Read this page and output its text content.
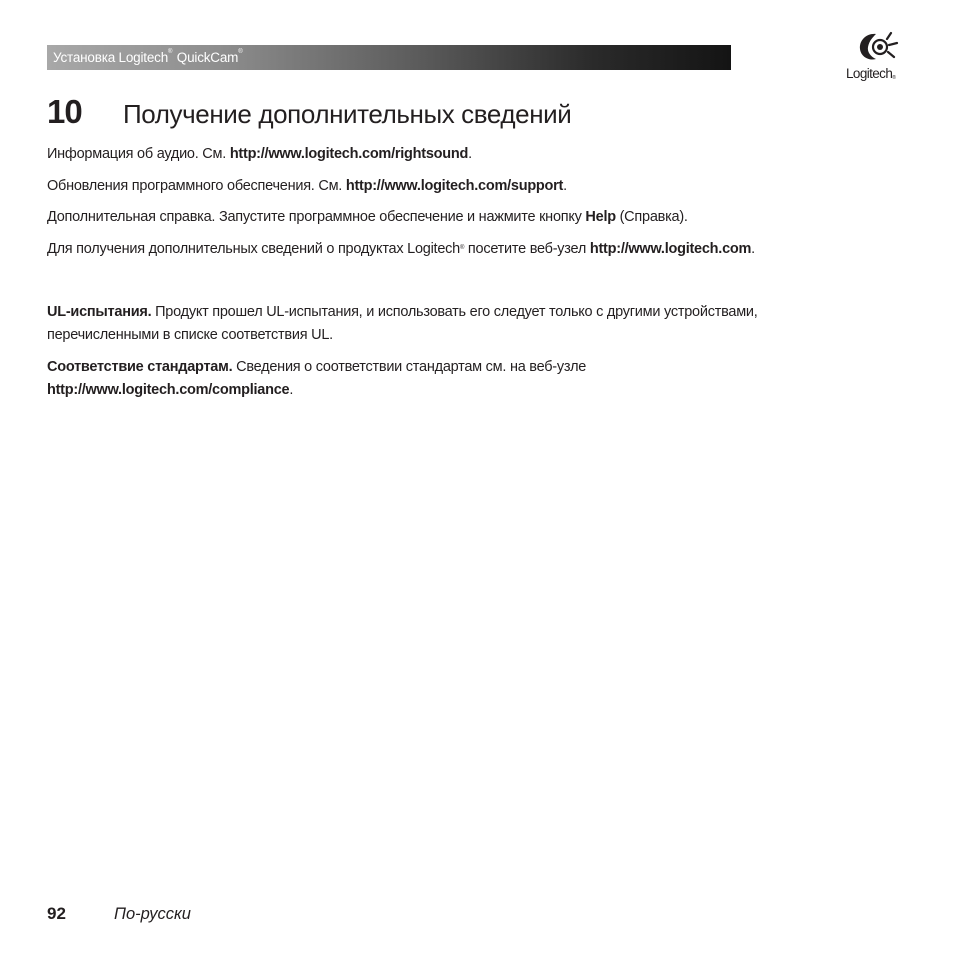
Установка Logitech® QuickCam®
Logitech®
10	Получение дополнительных сведений
Информация об аудио. См. http://www.logitech.com/rightsound.
Обновления программного обеспечения. См. http://www.logitech.com/support.
Дополнительная справка. Запустите программное обеспечение и нажмите кнопку Help (Справка).
Для получения дополнительных сведений о продуктах Logitech® посетите веб-узел http://www.logitech.com.
UL-испытания. Продукт прошел UL-испытания, и использовать его следует только с другими устройствами,
перечисленными в списке соответствия UL.
Соответствие стандартам. Сведения о соответствии стандартам см. на веб-узле
http://www.logitech.com/compliance.
92	По-русски
